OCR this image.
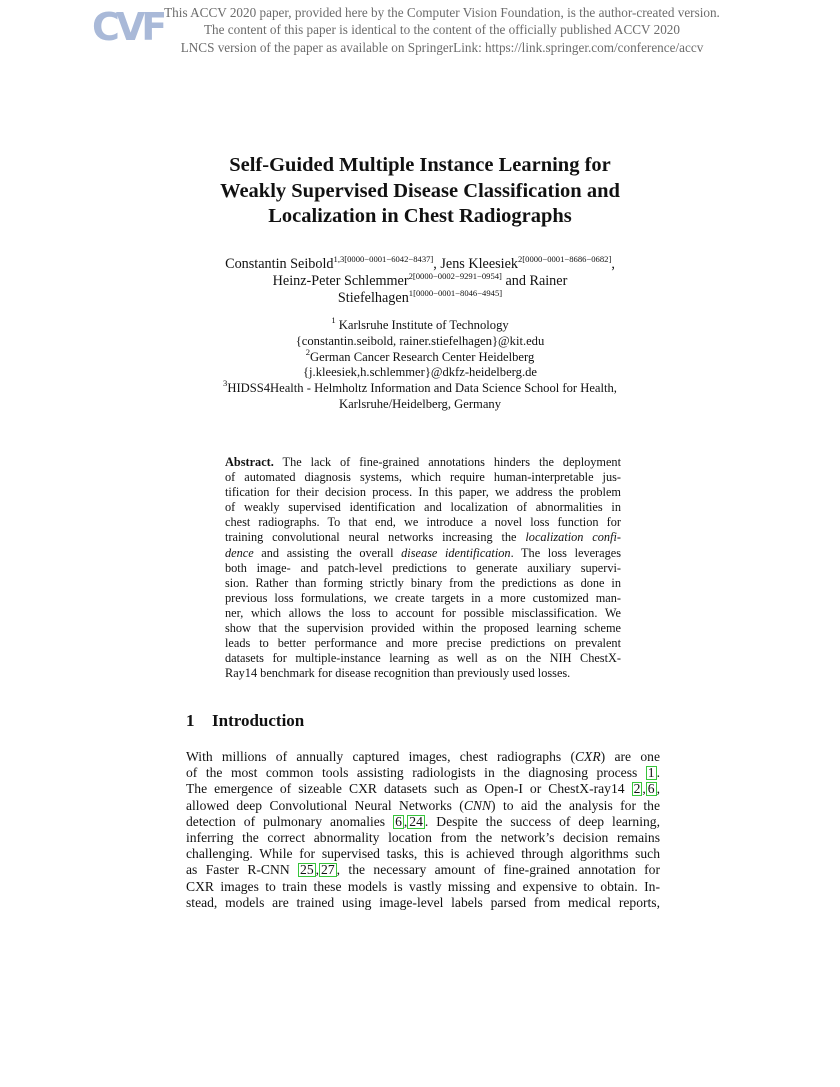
CVF This ACCV 2020 paper, provided here by the Computer Vision Foundation, is the author-created version.
The content of this paper is identical to the content of the officially published ACCV 2020
LNCS version of the paper as available on SpringerLink: https://link.springer.com/conference/accv
Self-Guided Multiple Instance Learning for
Weakly Supervised Disease Classification and
Localization in Chest Radiographs
Constantin Seibold$^{1,3[0000-0001-6042-8437]}$, Jens Kleesiek$^{2[0000-0001-8686-0682]}$,
Heinz-Peter Schlemmer$^{2[0000-0002-9291-0954]}$ and Rainer
Stiefelhagen$^{1[0000-0001-8046-4945]}$
$^1$ Karlsruhe Institute of Technology
{constantin.seibold, rainer.stiefelhagen}@kit.edu
$^2$German Cancer Research Center Heidelberg
{j.kleesiek,h.schlemmer}@dkfz-heidelberg.de
$^3$HIDSS4Health - Helmholtz Information and Data Science School for Health,
Karlsruhe/Heidelberg, Germany
Abstract. The lack of fine-grained annotations hinders the deployment
of automated diagnosis systems, which require human-interpretable jus-
tification for their decision process. In this paper, we address the problem
of weakly supervised identification and localization of abnormalities in
chest radiographs. To that end, we introduce a novel loss function for
training convolutional neural networks increasing the localization confi-
dence and assisting the overall disease identification. The loss leverages
both image- and patch-level predictions to generate auxiliary supervi-
sion. Rather than forming strictly binary from the predictions as done in
previous loss formulations, we create targets in a more customized man-
ner, which allows the loss to account for possible misclassification. We
show that the supervision provided within the proposed learning scheme
leads to better performance and more precise predictions on prevalent
datasets for multiple-instance learning as well as on the NIH ChestX-
Ray14 benchmark for disease recognition than previously used losses.
1 Introduction
With millions of annually captured images, chest radiographs (CXR) are one
of the most common tools assisting radiologists in the diagnosing process 1 .
The emergence of sizeable CXR datasets such as Open-I or ChestX-ray14 2 , 6 ,
allowed deep Convolutional Neural Networks (CNN) to aid the analysis for the
detection of pulmonary anomalies 6 , 24 . Despite the success of deep learning,
inferring the correct abnormality location from the network’s decision remains
challenging. While for supervised tasks, this is achieved through algorithms such
as Faster R-CNN 25 , 27 , the necessary amount of fine-grained annotation for
CXR images to train these models is vastly missing and expensive to obtain. In-
stead, models are trained using image-level labels parsed from medical reports,
